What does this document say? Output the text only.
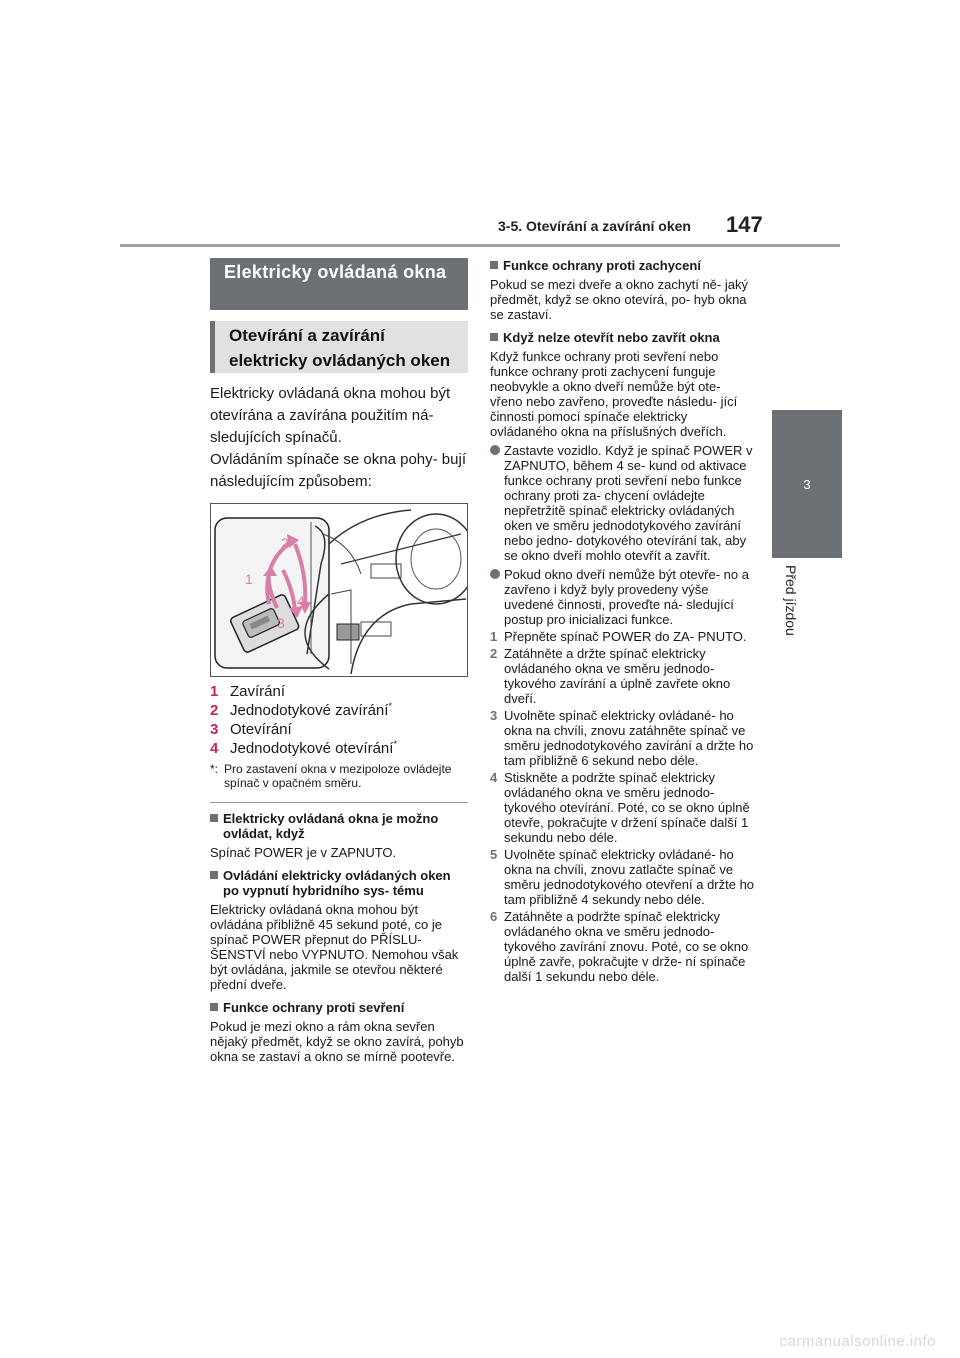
3-5. Otevírání a zavírání oken 147
3
Před jízdou
Elektricky ovládaná okna
Otevírání a zavírání elektricky ovládaných oken

Elektricky ovládaná okna mohou být otevírána a zavírána použitím ná- sledujících spínačů.

Ovládáním spínače se okna pohy- bují následujícím způsobem:

1
2
3
4
1 Zavírání
2 Jednodotykové zavírání*
3 Otevírání
4 Jednodotykové otevírání*
*: Pro zastavení okna v mezipoloze ovládejte spínač v opačném směru.
Elektricky ovládaná okna je možno ovládat, když
Spínač POWER je v ZAPNUTO.
Ovládání elektricky ovládaných oken po vypnutí hybridního sys- tému
Elektricky ovládaná okna mohou být ovládána přibližně 45 sekund poté, co je spínač POWER přepnut do PŘÍSLU- ŠENSTVÍ nebo VYPNUTO. Nemohou však být ovládána, jakmile se otevřou některé přední dveře.
Funkce ochrany proti sevření
Pokud je mezi okno a rám okna sevřen nějaký předmět, když se okno zavírá, pohyb okna se zastaví a okno se mírně pootevře.
Funkce ochrany proti zachycení
Pokud se mezi dveře a okno zachytí ně- jaký předmět, když se okno otevírá, po- hyb okna se zastaví.
Když nelze otevřít nebo zavřít okna
Když funkce ochrany proti sevření nebo funkce ochrany proti zachycení funguje neobvykle a okno dveří nemůže být ote- vřeno nebo zavřeno, proveďte následu- jící činnosti pomocí spínače elektricky ovládaného okna na příslušných dveřích.
Zastavte vozidlo. Když je spínač POWER v ZAPNUTO, během 4 se- kund od aktivace funkce ochrany proti sevření nebo funkce ochrany proti za- chycení ovládejte nepřetržitě spínač elektricky ovládaných oken ve směru jednodotykového zavírání nebo jedno- dotykového otevírání tak, aby se okno dveří mohlo otevřít a zavřít.
Pokud okno dveří nemůže být otevře- no a zavřeno i když byly provedeny výše uvedené činnosti, proveďte ná- sledující postup pro inicializaci funkce.
1 Přepněte spínač POWER do ZA- PNUTO.
2 Zatáhněte a držte spínač elektricky ovládaného okna ve směru jednodo- tykového zavírání a úplně zavřete okno dveří.
3 Uvolněte spínač elektricky ovládané- ho okna na chvíli, znovu zatáhněte spínač ve směru jednodotykového zavírání a držte ho tam přibližně 6 sekund nebo déle.
4 Stiskněte a podržte spínač elektricky ovládaného okna ve směru jednodo- tykového otevírání. Poté, co se okno úplně otevře, pokračujte v držení spínače další 1 sekundu nebo déle.
5 Uvolněte spínač elektricky ovládané- ho okna na chvíli, znovu zatlačte spínač ve směru jednodotykového otevření a držte ho tam přibližně 4 sekundy nebo déle.
6 Zatáhněte a podržte spínač elektricky ovládaného okna ve směru jednodo- tykového zavírání znovu. Poté, co se okno úplně zavře, pokračujte v drže- ní spínače další 1 sekundu nebo déle.
carmanualsonline.info
